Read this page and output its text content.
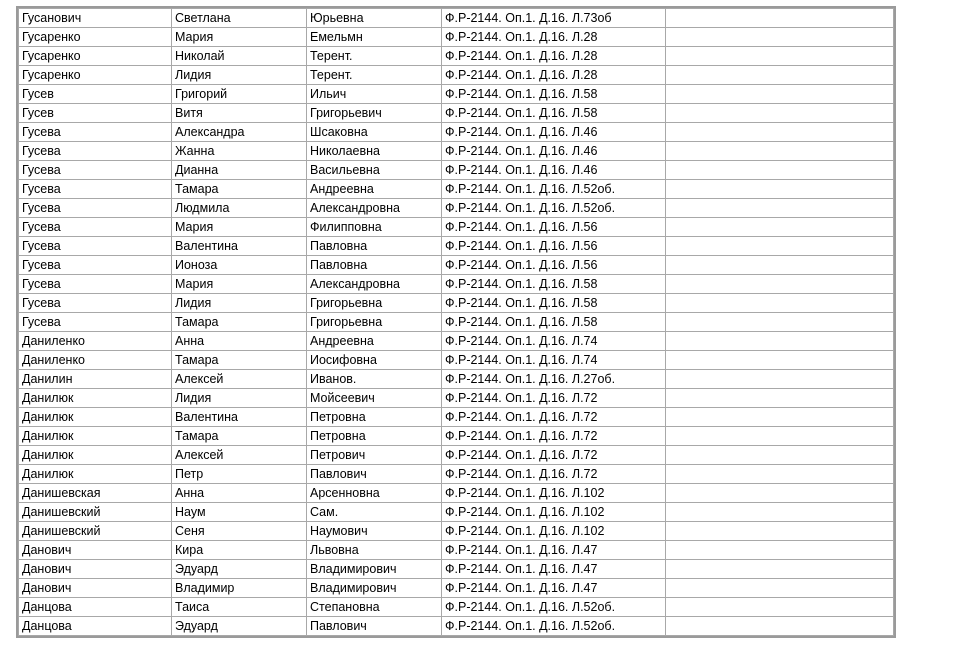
Гусанович	Светлана	Юрьевна	Ф.Р-2144. Оп.1. Д.16. Л.73об	
Гусаренко	Мария	Емельмн	Ф.Р-2144. Оп.1. Д.16. Л.28	
Гусаренко	Николай	Терент.	Ф.Р-2144. Оп.1. Д.16. Л.28	
Гусаренко	Лидия	Терент.	Ф.Р-2144. Оп.1. Д.16. Л.28	
Гусев	Григорий	Ильич	Ф.Р-2144. Оп.1. Д.16. Л.58	
Гусев	Витя	Григорьевич	Ф.Р-2144. Оп.1. Д.16. Л.58	
Гусева	Александра	Шсаковна	Ф.Р-2144. Оп.1. Д.16. Л.46	
Гусева	Жанна	Николаевна	Ф.Р-2144. Оп.1. Д.16. Л.46	
Гусева	Дианна	Васильевна	Ф.Р-2144. Оп.1. Д.16. Л.46	
Гусева	Тамара	Андреевна	Ф.Р-2144. Оп.1. Д.16. Л.52об.	
Гусева	Людмила	Александровна	Ф.Р-2144. Оп.1. Д.16. Л.52об.	
Гусева	Мария	Филипповна	Ф.Р-2144. Оп.1. Д.16. Л.56	
Гусева	Валентина	Павловна	Ф.Р-2144. Оп.1. Д.16. Л.56	
Гусева	Ионоза	Павловна	Ф.Р-2144. Оп.1. Д.16. Л.56	
Гусева	Мария	Александровна	Ф.Р-2144. Оп.1. Д.16. Л.58	
Гусева	Лидия	Григорьевна	Ф.Р-2144. Оп.1. Д.16. Л.58	
Гусева	Тамара	Григорьевна	Ф.Р-2144. Оп.1. Д.16. Л.58	
Даниленко	Анна	Андреевна	Ф.Р-2144. Оп.1. Д.16. Л.74	
Даниленко	Тамара	Иосифовна	Ф.Р-2144. Оп.1. Д.16. Л.74	
Данилин	Алексей	Иванов.	Ф.Р-2144. Оп.1. Д.16. Л.27об.	
Данилюк	Лидия	Мойсеевич	Ф.Р-2144. Оп.1. Д.16. Л.72	
Данилюк	Валентина	Петровна	Ф.Р-2144. Оп.1. Д.16. Л.72	
Данилюк	Тамара	Петровна	Ф.Р-2144. Оп.1. Д.16. Л.72	
Данилюк	Алексей	Петрович	Ф.Р-2144. Оп.1. Д.16. Л.72	
Данилюк	Петр	Павлович	Ф.Р-2144. Оп.1. Д.16. Л.72	
Данишевская	Анна	Арсенновна	Ф.Р-2144. Оп.1. Д.16. Л.102	
Данишевский	Наум	Сам.	Ф.Р-2144. Оп.1. Д.16. Л.102	
Данишевский	Сеня	Наумович	Ф.Р-2144. Оп.1. Д.16. Л.102	
Данович	Кира	Львовна	Ф.Р-2144. Оп.1. Д.16. Л.47	
Данович	Эдуард	Владимирович	Ф.Р-2144. Оп.1. Д.16. Л.47	
Данович	Владимир	Владимирович	Ф.Р-2144. Оп.1. Д.16. Л.47	
Данцова	Таиса	Степановна	Ф.Р-2144. Оп.1. Д.16. Л.52об.	
Данцова	Эдуард	Павлович	Ф.Р-2144. Оп.1. Д.16. Л.52об.	
